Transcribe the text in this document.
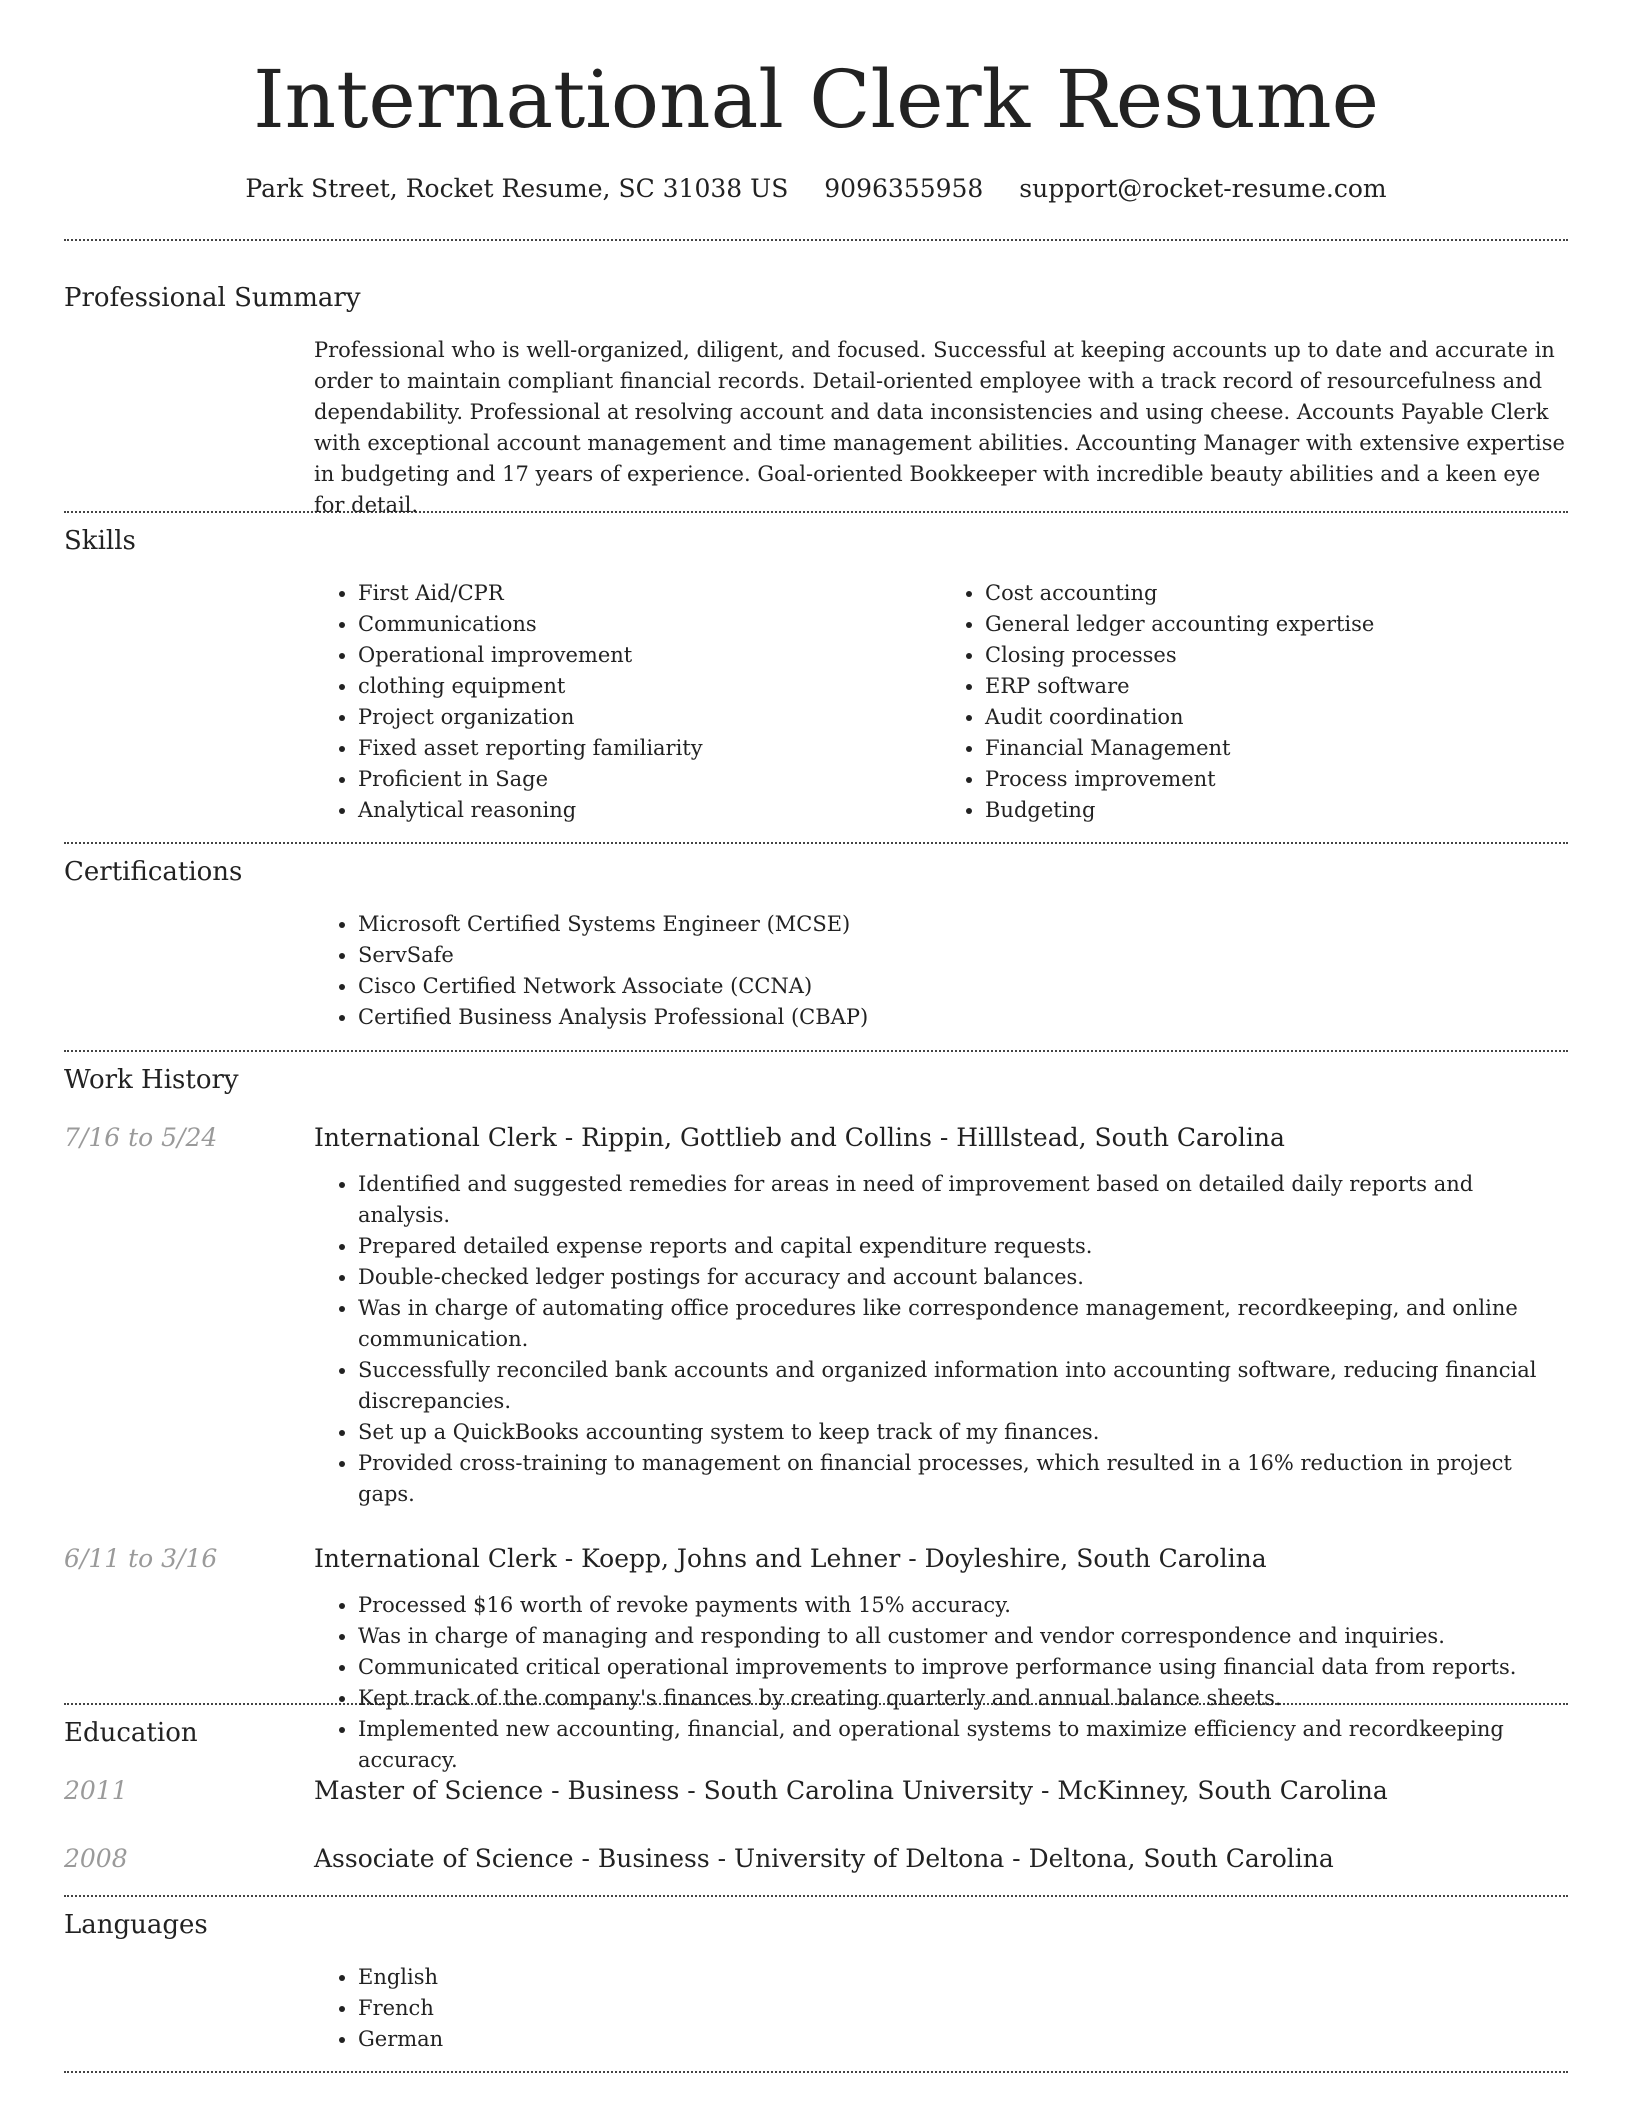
International Clerk Resume
Park Street, Rocket Resume, SC 31038 US 9096355958 support@rocket-resume.com
Professional Summary

Professional who is well-organized, diligent, and focused. Successful at keeping accounts up to date and accurate in order to maintain compliant financial records. Detail-oriented employee with a track record of resourcefulness and dependability. Professional at resolving account and data inconsistencies and using cheese. Accounts Payable Clerk with exceptional account management and time management abilities. Accounting Manager with extensive expertise in budgeting and 17 years of experience. Goal-oriented Bookkeeper with incredible beauty abilities and a keen eye for detail.

Skills
• First Aid/CPR
• Communications
• Operational improvement
• clothing equipment
• Project organization
• Fixed asset reporting familiarity
• Proficient in Sage
• Analytical reasoning
• Cost accounting
• General ledger accounting expertise
• Closing processes
• ERP software
• Audit coordination
• Financial Management
• Process improvement
• Budgeting
Certifications
• Microsoft Certified Systems Engineer (MCSE)
• ServSafe
• Cisco Certified Network Associate (CCNA)
• Certified Business Analysis Professional (CBAP)
Work History
7/16 to 5/24	International Clerk - Rippin, Gottlieb and Collins - Hilllstead, South Carolina
• Identified and suggested remedies for areas in need of improvement based on detailed daily reports and analysis.
• Prepared detailed expense reports and capital expenditure requests.
• Double-checked ledger postings for accuracy and account balances.
• Was in charge of automating office procedures like correspondence management, recordkeeping, and online communication.
• Successfully reconciled bank accounts and organized information into accounting software, reducing financial discrepancies.
• Set up a QuickBooks accounting system to keep track of my finances.
• Provided cross-training to management on financial processes, which resulted in a 16% reduction in project gaps.
6/11 to 3/16	International Clerk - Koepp, Johns and Lehner - Doyleshire, South Carolina
• Processed $16 worth of revoke payments with 15% accuracy.
• Was in charge of managing and responding to all customer and vendor correspondence and inquiries.
• Communicated critical operational improvements to improve performance using financial data from reports.
• Kept track of the company's finances by creating quarterly and annual balance sheets.
• Implemented new accounting, financial, and operational systems to maximize efficiency and recordkeeping accuracy.
Education
2011	Master of Science - Business - South Carolina University - McKinney, South Carolina
2008	Associate of Science - Business - University of Deltona - Deltona, South Carolina
Languages
• English
• French
• German
